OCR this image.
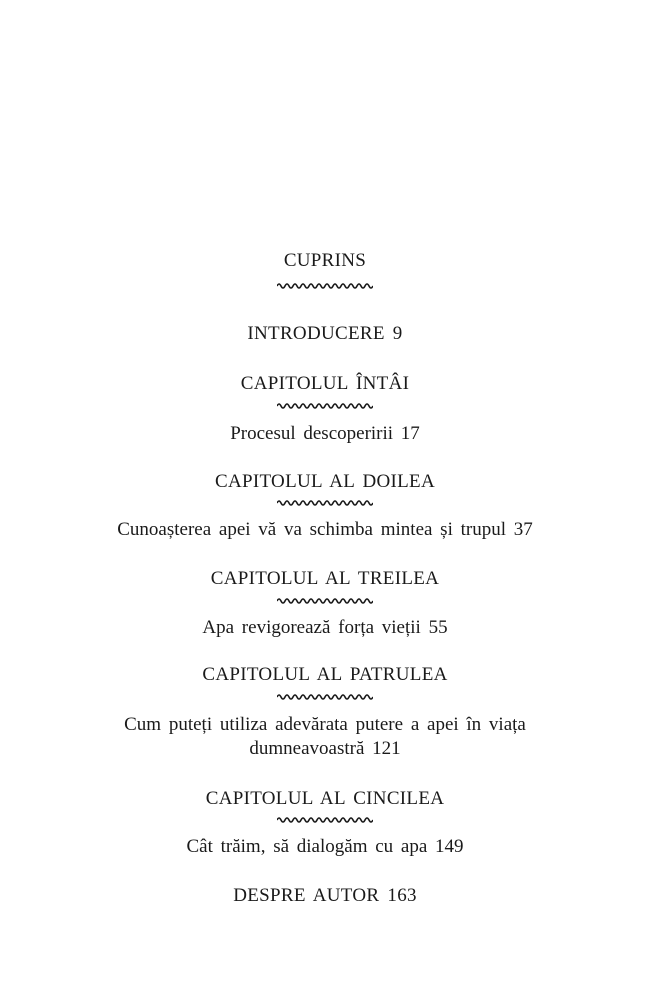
CUPRINS
INTRODUCERE 9
CAPITOLUL ÎNTÂI
Procesul descoperirii 17
CAPITOLUL AL DOILEA
Cunoașterea apei vă va schimba mintea și trupul 37
CAPITOLUL AL TREILEA
Apa revigorează forța vieții 55
CAPITOLUL AL PATRULEA
Cum puteți utiliza adevărata putere a apei în viața
dumneavoastră 121
CAPITOLUL AL CINCILEA
Cât trăim, să dialogăm cu apa 149
DESPRE AUTOR 163
